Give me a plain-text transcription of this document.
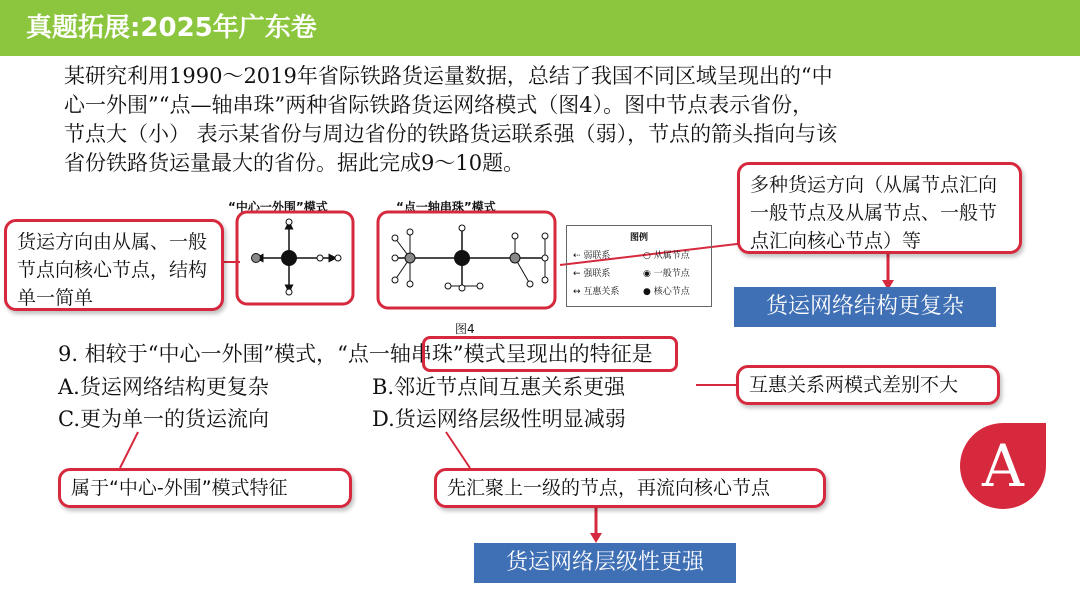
真题拓展:2025年广东卷
某研究利用1990～2019年省际铁路货运量数据，总结了我国不同区域呈现出的“中
心一外围”“点—轴串珠”两种省际铁路货运网络模式（图4）。图中节点表示省份，
节点大（小） 表示某省份与周边省份的铁路货运联系强（弱），节点的箭头指向与该
省份铁路货运量最大的省份。据此完成9～10题。
“中心一外围”模式	“点一轴串珠”模式
图4
图例
⇠ 弱联系	○ 从属节点
← 强联系	◉ 一般节点
↔ 互惠关系	● 核心节点
货运方向由从属、一般节点向核心节点，结构单一简单
多种货运方向（从属节点汇向一般节点及从属节点、一般节点汇向核心节点）等
货运网络结构更复杂
9. 相较于“中心一外围”模式，“点一轴串珠”模式呈现出的特征是
A.货运网络结构更复杂	B.邻近节点间互惠关系更强
C.更为单一的货运流向	D.货运网络层级性明显减弱
互惠关系两模式差别不大
属于“中心-外围”模式特征	先汇聚上一级的节点，再流向核心节点
货运网络层级性更强
A
